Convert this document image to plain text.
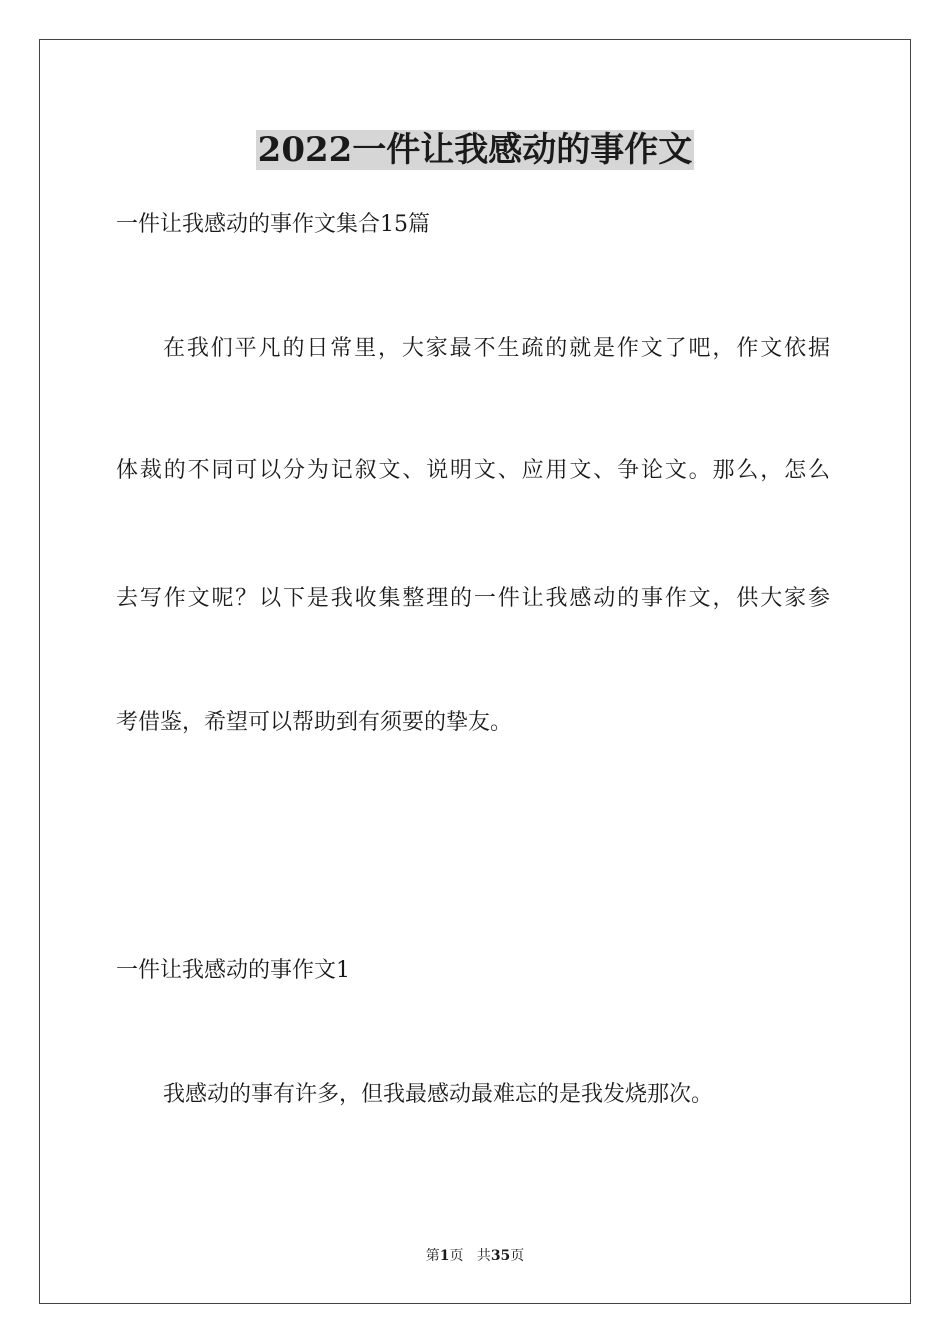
2022一件让我感动的事作文
一件让我感动的事作文集合15篇
在我们平凡的日常里，大家最不生疏的就是作文了吧，作文依据
体裁的不同可以分为记叙文、说明文、应用文、争论文。那么，怎么
去写作文呢？以下是我收集整理的一件让我感动的事作文，供大家参
考借鉴，希望可以帮助到有须要的挚友。
一件让我感动的事作文1
我感动的事有许多，但我最感动最难忘的是我发烧那次。
第1页 共35页
